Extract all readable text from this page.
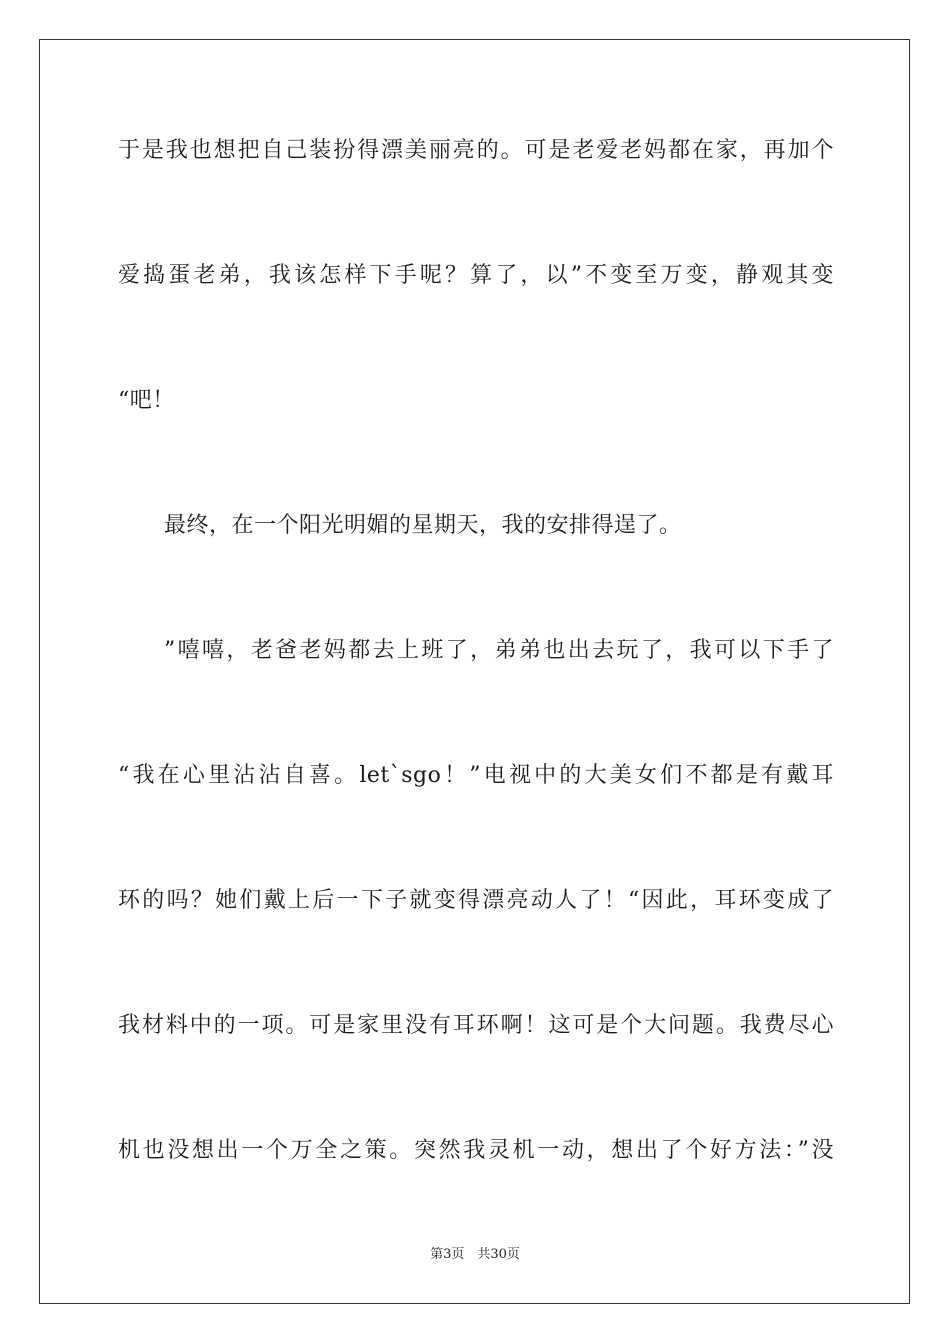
于是我也想把自己装扮得漂美丽亮的。可是老爱老妈都在家，再加个
爱捣蛋老弟，我该怎样下手呢？算了，以”不变至万变，静观其变
“吧！
最终，在一个阳光明媚的星期天，我的安排得逞了。
”嘻嘻，老爸老妈都去上班了，弟弟也出去玩了，我可以下手了
“我在心里沾沾自喜。let`sgo！”电视中的大美女们不都是有戴耳
环的吗？她们戴上后一下子就变得漂亮动人了！“因此，耳环变成了
我材料中的一项。可是家里没有耳环啊！这可是个大问题。我费尽心
机也没想出一个万全之策。突然我灵机一动，想出了个好方法：”没
第3页　共30页
